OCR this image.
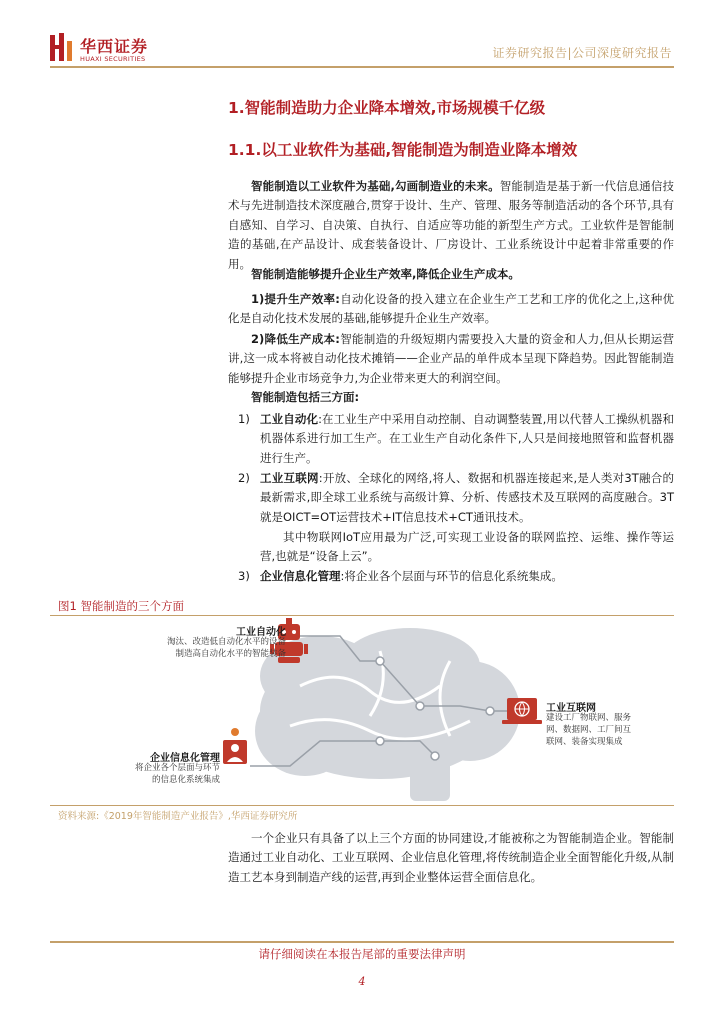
华西证券
HUAXI SECURITIES	证券研究报告|公司深度研究报告
1.智能制造助力企业降本增效,市场规模千亿级
1.1.以工业软件为基础,智能制造为制造业降本增效

智能制造以工业软件为基础,勾画制造业的未来。智能制造是基于新一代信息通信技术与先进制造技术深度融合,贯穿于设计、生产、管理、服务等制造活动的各个环节,具有自感知、自学习、自决策、自执行、自适应等功能的新型生产方式。工业软件是智能制造的基础,在产品设计、成套装备设计、厂房设计、工业系统设计中起着非常重要的作用。

智能制造能够提升企业生产效率,降低企业生产成本。

1)提升生产效率:自动化设备的投入建立在企业生产工艺和工序的优化之上,这种优化是自动化技术发展的基础,能够提升企业生产效率。

2)降低生产成本:智能制造的升级短期内需要投入大量的资金和人力,但从长期运营讲,这一成本将被自动化技术摊销——企业产品的单件成本呈现下降趋势。因此智能制造能够提升企业市场竞争力,为企业带来更大的利润空间。

智能制造包括三方面:

1) 工业自动化:在工业生产中采用自动控制、自动调整装置,用以代替人工操纵机器和机器体系进行加工生产。在工业生产自动化条件下,人只是间接地照管和监督机器进行生产。
2) 工业互联网:开放、全球化的网络,将人、数据和机器连接起来,是人类对3T融合的最新需求,即全球工业系统与高级计算、分析、传感技术及互联网的高度融合。3T就是OICT=OT运营技术+IT信息技术+CT通讯技术。
其中物联网IoT应用最为广泛,可实现工业设备的联网监控、运维、操作等运营,也就是“设备上云”。
3) 企业信息化管理:将企业各个层面与环节的信息化系统集成。
图1 智能制造的三个方面
工业自动化
淘汰、改造低自动化水平的设备
制造高自动化水平的智能装备
工业互联网
建设工厂物联网、服务
网、数据网、工厂间互
联网、装备实现集成
企业信息化管理
将企业各个层面与环节
的信息化系统集成
资料来源:《2019年智能制造产业报告》,华西证券研究所

一个企业只有具备了以上三个方面的协同建设,才能被称之为智能制造企业。智能制造通过工业自动化、工业互联网、企业信息化管理,将传统制造企业全面智能化升级,从制造工艺本身到制造产线的运营,再到企业整体运营全面信息化。

请仔细阅读在本报告尾部的重要法律声明
4
